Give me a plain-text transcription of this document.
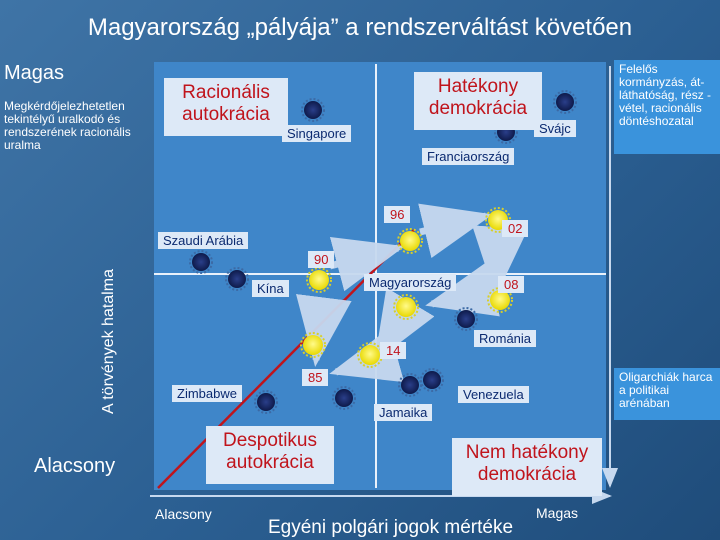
Magyarország „pályája” a rendszerváltást követően
Magas
Megkérdőjelezhetetlen tekintélyű uralkodó és rendszerének racionális uralma
A törvények hatalma
Alacsony
Alacsony	Magas
Egyéni polgári jogok mértéke
Felelős kormányzás, át-láthatóság, rész -vétel, racionális döntéshozatal
Oligarchiák harca a politikai arénában
Racionális autokrácia
Hatékony demokrácia
Despotikus autokrácia	Nem hatékony demokrácia
Singapore	Svájc
Franciaország
Szaudi Arábia
Kína	Magyarország
Románia
Zimbabwe	Venezuela
Jamaika
96
02
90
08
14
85
